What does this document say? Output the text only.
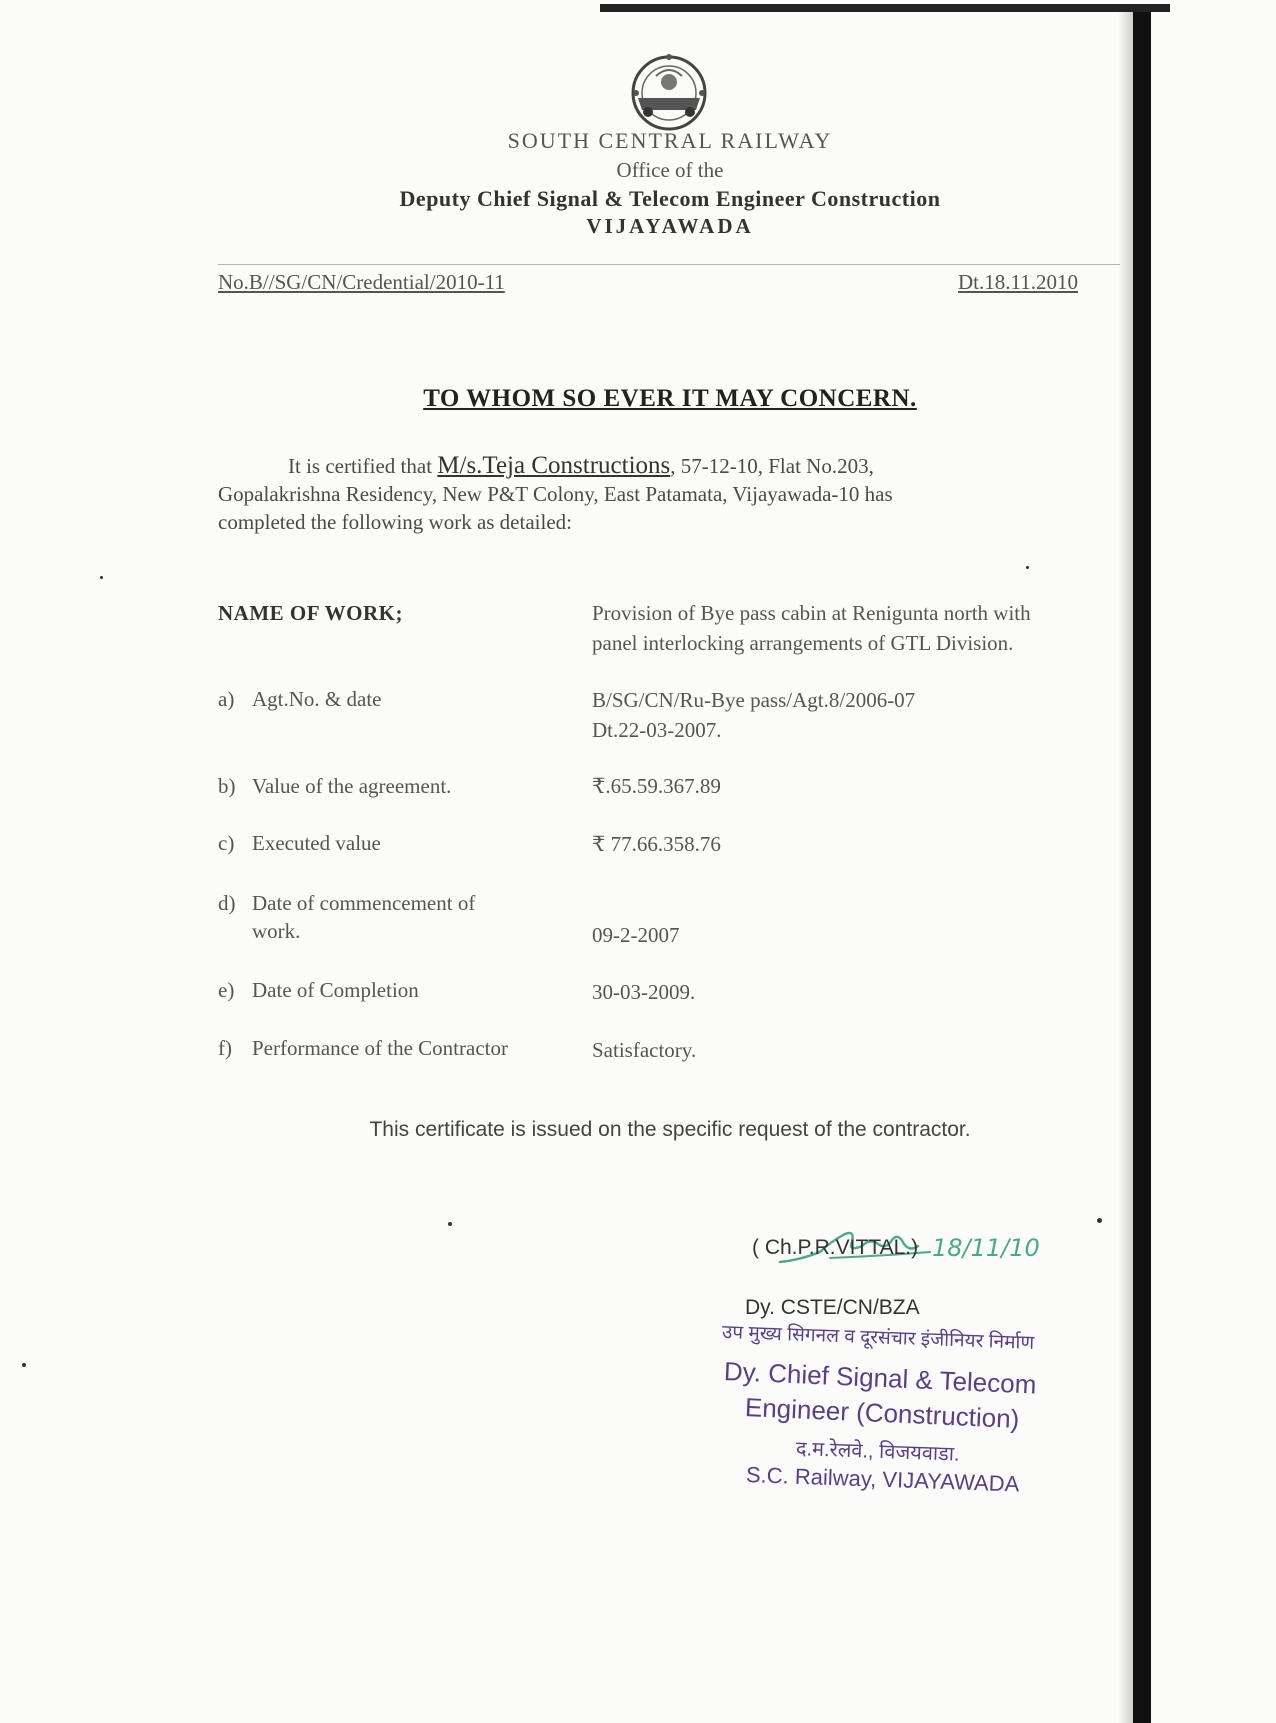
SOUTH CENTRAL RAILWAY
Office of the
Deputy Chief Signal & Telecom Engineer Construction
VIJAYAWADA
No.B//SG/CN/Credential/2010-11	Dt.18.11.2010
TO WHOM SO EVER IT MAY CONCERN.
It is certified that M/s.Teja Constructions, 57-12-10, Flat No.203,
Gopalakrishna Residency, New P&T Colony, East Patamata, Vijayawada-10 has
completed the following work as detailed:
NAME OF WORK;	Provision of Bye pass cabin at Renigunta north with
panel interlocking arrangements of GTL Division.
a) Agt.No. & date	B/SG/CN/Ru-Bye pass/Agt.8/2006-07
Dt.22-03-2007.
b) Value of the agreement.	₹.65.59.367.89
c) Executed value	₹ 77.66.358.76
d) Date of commencement of
work.	09-2-2007
e) Date of Completion	30-03-2009.
f) Performance of the Contractor	Satisfactory.
This certificate is issued on the specific request of the contractor.
18/11/10
( Ch.P.R.VITTAL.)
Dy. CSTE/CN/BZA
उप मुख्य सिगनल व दूरसंचार इंजीनियर निर्माण
Dy. Chief Signal & Telecom
Engineer (Construction)
द.म.रेलवे., विजयवाडा.
S.C. Railway, VIJAYAWADA
